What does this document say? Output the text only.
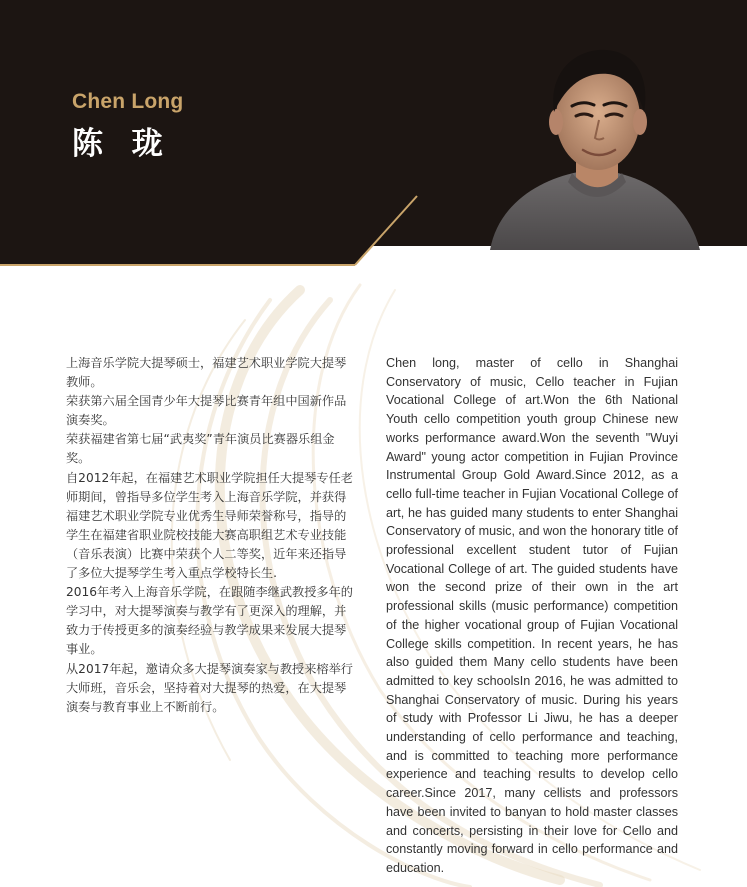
Chen Long
陈 珑

上海音乐学院大提琴硕士，福建艺术职业学院大提琴教师。

荣获第六届全国青少年大提琴比赛青年组中国新作品演奏奖。

荣获福建省第七届“武夷奖”青年演员比赛器乐组金奖。

自2012年起，在福建艺术职业学院担任大提琴专任老师期间，曾指导多位学生考入上海音乐学院，并获得福建艺术职业学院专业优秀生导师荣誉称号，指导的学生在福建省职业院校技能大赛高职组艺术专业技能（音乐表演）比赛中荣获个人二等奖，近年来还指导了多位大提琴学生考入重点学校特长生.

2016年考入上海音乐学院，在跟随李继武教授多年的学习中，对大提琴演奏与教学有了更深入的理解，并致力于传授更多的演奏经验与教学成果来发展大提琴事业。

从2017年起，邀请众多大提琴演奏家与教授来榕举行大师班，音乐会，坚持着对大提琴的热爱，在大提琴演奏与教育事业上不断前行。

Chen long, master of cello in Shanghai Conservatory of music, Cello teacher in Fujian Vocational College of art.Won the 6th National Youth cello competition youth group Chinese new works performance award.Won the seventh "Wuyi Award" young actor competition in Fujian Province Instrumental Group Gold Award.Since 2012, as a cello full-time teacher in Fujian Vocational College of art, he has guided many students to enter Shanghai Conservatory of music, and won the honorary title of professional excellent student tutor of Fujian Vocational College of art. The guided students have won the second prize of their own in the art professional skills (music performance) competition of the higher vocational group of Fujian Vocational College skills competition. In recent years, he has also guided them Many cello students have been admitted to key schoolsIn 2016, he was admitted to Shanghai Conservatory of music. During his years of study with Professor Li Jiwu, he has a deeper understanding of cello performance and teaching, and is committed to teaching more performance experience and teaching results to develop cello career.Since 2017, many cellists and professors have been invited to banyan to hold master classes and concerts, persisting in their love for Cello and constantly moving forward in cello performance and education.
